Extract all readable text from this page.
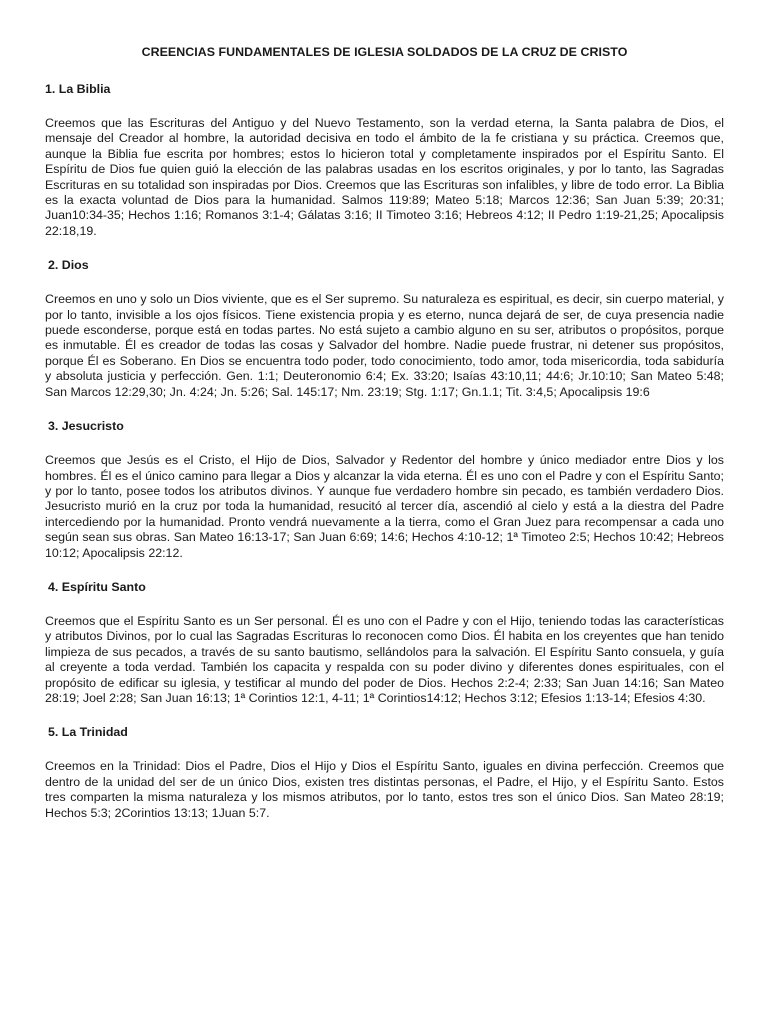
CREENCIAS FUNDAMENTALES DE IGLESIA SOLDADOS DE LA CRUZ DE CRISTO
1. La Biblia
Creemos que las Escrituras del Antiguo y del Nuevo Testamento, son la verdad eterna, la Santa palabra de Dios, el mensaje del Creador al hombre, la autoridad decisiva en todo el ámbito de la fe cristiana y su práctica. Creemos que, aunque la Biblia fue escrita por hombres; estos lo hicieron total y completamente inspirados por el Espíritu Santo. El Espíritu de Dios fue quien guió la elección de las palabras usadas en los escritos originales, y por lo tanto, las Sagradas Escrituras en su totalidad son inspiradas por Dios. Creemos que las Escrituras son infalibles, y libre de todo error. La Biblia es la exacta voluntad de Dios para la humanidad. Salmos 119:89; Mateo 5:18; Marcos 12:36; San Juan 5:39; 20:31; Juan10:34-35; Hechos 1:16; Romanos 3:1-4; Gálatas 3:16; II Timoteo 3:16; Hebreos 4:12; II Pedro 1:19-21,25; Apocalipsis 22:18,19.
2. Dios
Creemos en uno y solo un Dios viviente, que es el Ser supremo. Su naturaleza es espiritual, es decir, sin cuerpo material, y por lo tanto, invisible a los ojos físicos. Tiene existencia propia y es eterno, nunca dejará de ser, de cuya presencia nadie puede esconderse, porque está en todas partes. No está sujeto a cambio alguno en su ser, atributos o propósitos, porque es inmutable. Él es creador de todas las cosas y Salvador del hombre. Nadie puede frustrar, ni detener sus propósitos, porque Él es Soberano. En Dios se encuentra todo poder, todo conocimiento, todo amor, toda misericordia, toda sabiduría y absoluta justicia y perfección. Gen. 1:1; Deuteronomio 6:4; Ex. 33:20; Isaías 43:10,11; 44:6; Jr.10:10; San Mateo 5:48; San Marcos 12:29,30; Jn. 4:24; Jn. 5:26; Sal. 145:17; Nm. 23:19; Stg. 1:17; Gn.1.1; Tit. 3:4,5; Apocalipsis 19:6
3. Jesucristo
Creemos que Jesús es el Cristo, el Hijo de Dios, Salvador y Redentor del hombre y único mediador entre Dios y los hombres. Él es el único camino para llegar a Dios y alcanzar la vida eterna. Él es uno con el Padre y con el Espíritu Santo; y por lo tanto, posee todos los atributos divinos. Y aunque fue verdadero hombre sin pecado, es también verdadero Dios. Jesucristo murió en la cruz por toda la humanidad, resucitó al tercer día, ascendió al cielo y está a la diestra del Padre intercediendo por la humanidad. Pronto vendrá nuevamente a la tierra, como el Gran Juez para recompensar a cada uno según sean sus obras. San Mateo 16:13-17; San Juan 6:69; 14:6; Hechos 4:10-12; 1ª Timoteo 2:5; Hechos 10:42; Hebreos 10:12; Apocalipsis 22:12.
4. Espíritu Santo
Creemos que el Espíritu Santo es un Ser personal. Él es uno con el Padre y con el Hijo, teniendo todas las características y atributos Divinos, por lo cual las Sagradas Escrituras lo reconocen como Dios. Él habita en los creyentes que han tenido limpieza de sus pecados, a través de su santo bautismo, sellándolos para la salvación. El Espíritu Santo consuela, y guía al creyente a toda verdad. También los capacita y respalda con su poder divino y diferentes dones espirituales, con el propósito de edificar su iglesia, y testificar al mundo del poder de Dios. Hechos 2:2-4; 2:33; San Juan 14:16; San Mateo 28:19; Joel 2:28; San Juan 16:13; 1ª Corintios 12:1, 4-11; 1ª Corintios14:12; Hechos 3:12; Efesios 1:13-14; Efesios 4:30.
5. La Trinidad
Creemos en la Trinidad: Dios el Padre, Dios el Hijo y Dios el Espíritu Santo, iguales en divina perfección. Creemos que dentro de la unidad del ser de un único Dios, existen tres distintas personas, el Padre, el Hijo, y el Espíritu Santo. Estos tres comparten la misma naturaleza y los mismos atributos, por lo tanto, estos tres son el único Dios. San Mateo 28:19; Hechos 5:3; 2Corintios 13:13; 1Juan 5:7.
